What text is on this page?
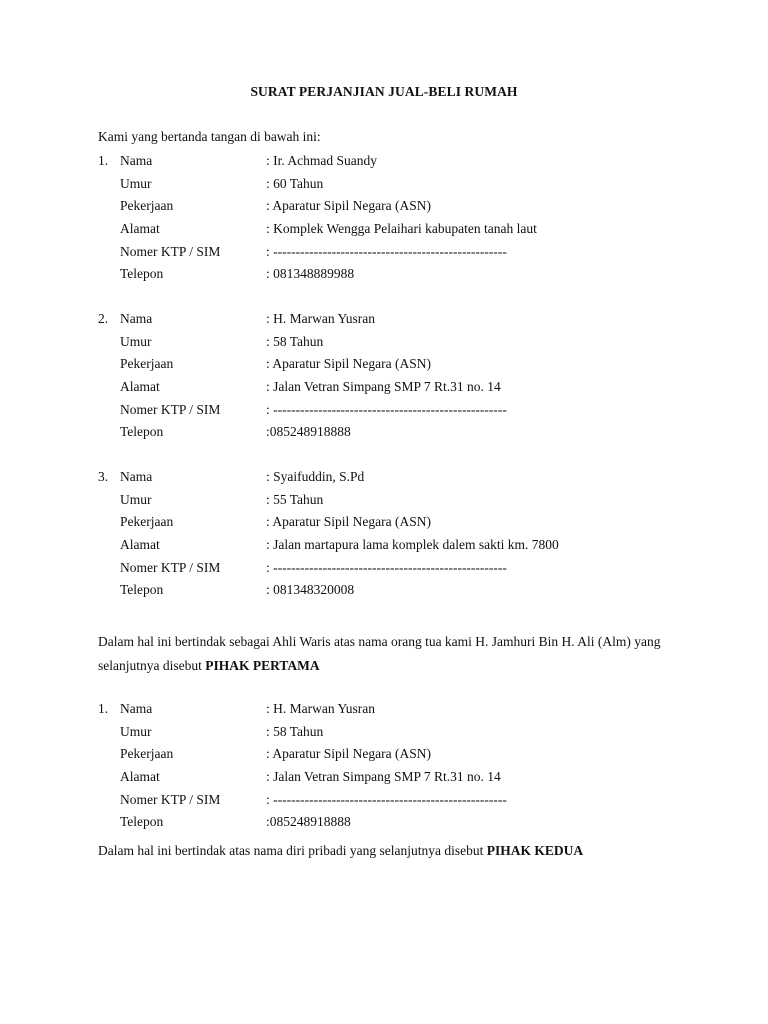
SURAT PERJANJIAN JUAL-BELI RUMAH
Kami yang bertanda tangan di bawah ini:
1. Nama	: Ir. Achmad Suandy
Umur	: 60 Tahun
Pekerjaan	: Aparatur Sipil Negara (ASN)
Alamat	: Komplek Wengga Pelaihari kabupaten tanah laut
Nomer KTP / SIM	: ----------------------------------------------------
Telepon	: 081348889988
2. Nama	: H. Marwan Yusran
Umur	: 58 Tahun
Pekerjaan	: Aparatur Sipil Negara (ASN)
Alamat	: Jalan Vetran Simpang SMP 7 Rt.31 no. 14
Nomer KTP / SIM	: ----------------------------------------------------
Telepon	:085248918888
3. Nama	: Syaifuddin, S.Pd
Umur	: 55 Tahun
Pekerjaan	: Aparatur Sipil Negara (ASN)
Alamat	: Jalan martapura lama komplek dalem sakti km. 7800
Nomer KTP / SIM	: ----------------------------------------------------
Telepon	: 081348320008
Dalam hal ini bertindak sebagai Ahli Waris atas nama orang tua kami H. Jamhuri Bin H. Ali (Alm) yang selanjutnya disebut PIHAK PERTAMA
1. Nama	: H. Marwan Yusran
Umur	: 58 Tahun
Pekerjaan	: Aparatur Sipil Negara (ASN)
Alamat	: Jalan Vetran Simpang SMP 7 Rt.31 no. 14
Nomer KTP / SIM	: ----------------------------------------------------
Telepon	:085248918888
Dalam hal ini bertindak atas nama diri pribadi yang selanjutnya disebut PIHAK KEDUA
